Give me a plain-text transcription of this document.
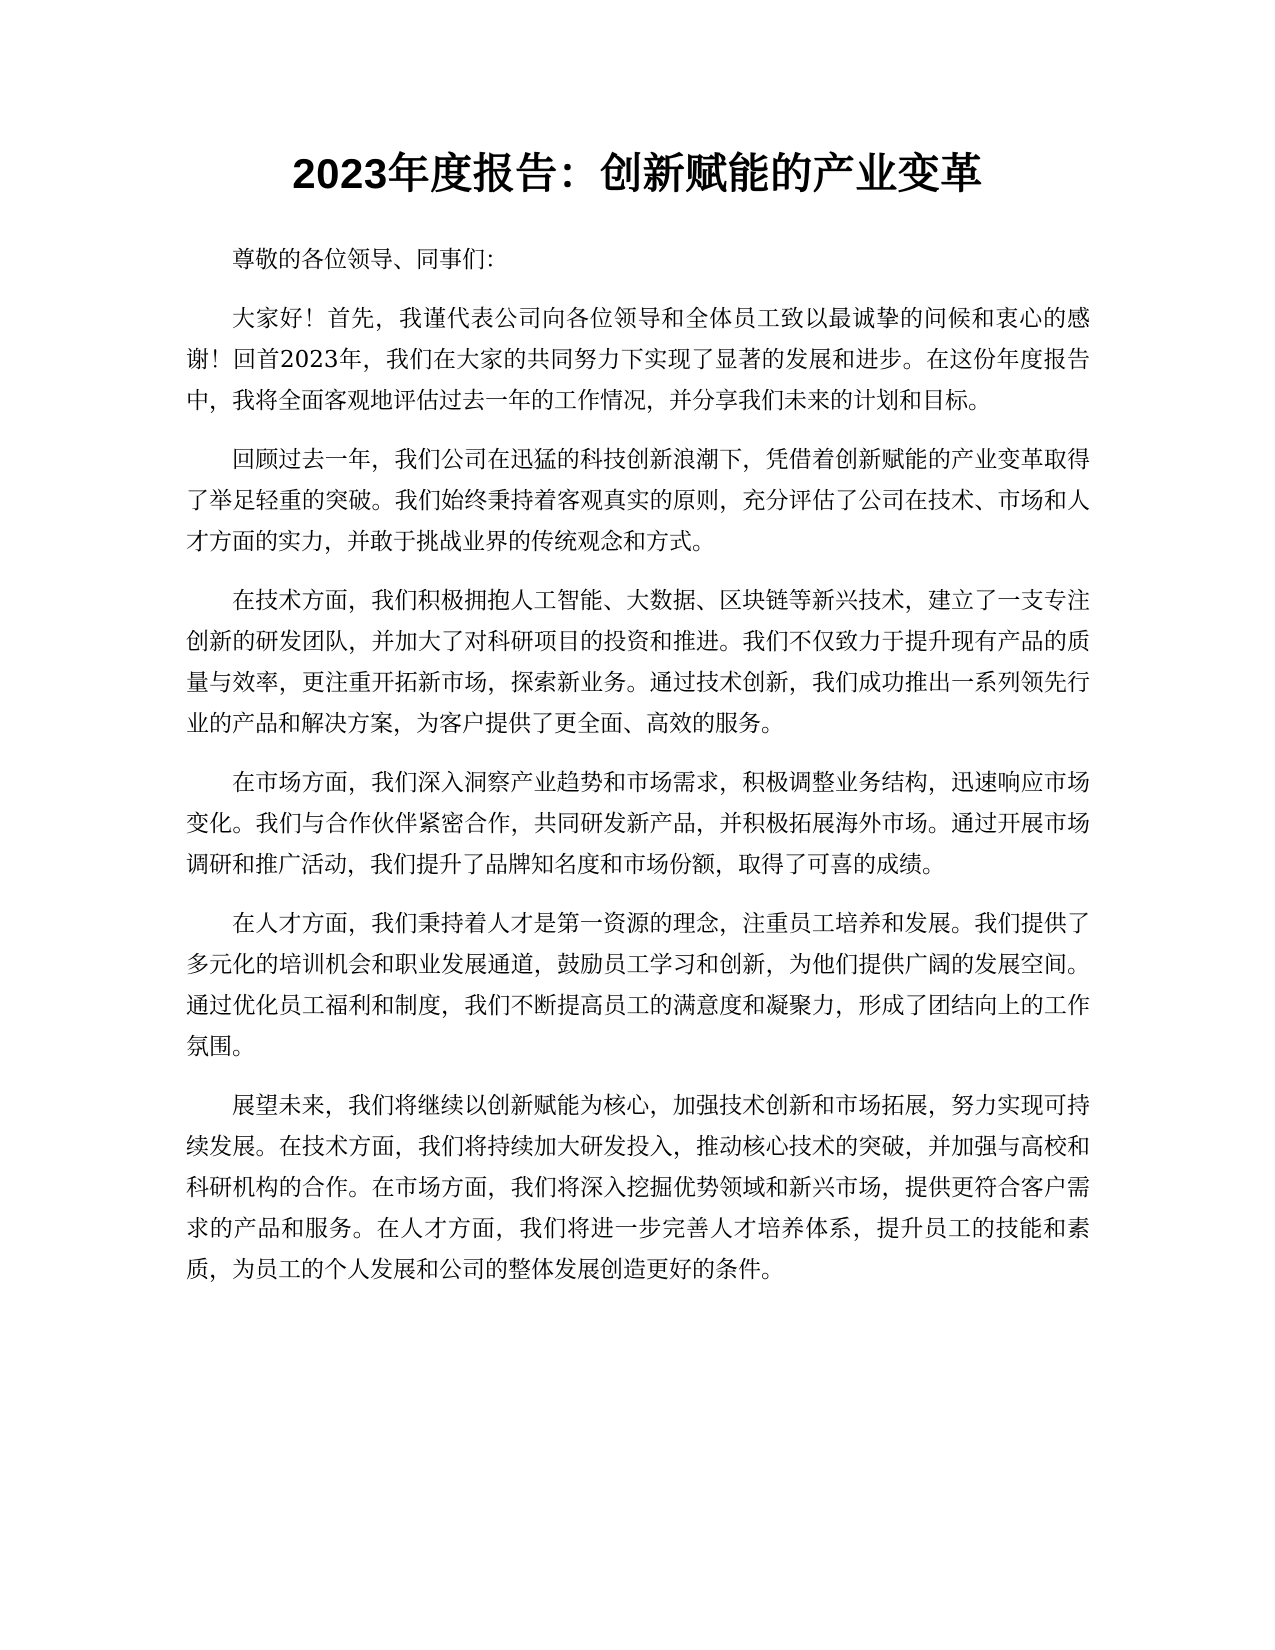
2023年度报告：创新赋能的产业变革

尊敬的各位领导、同事们：

大家好！首先，我谨代表公司向各位领导和全体员工致以最诚挚的问候和衷心的感谢！回首2023年，我们在大家的共同努力下实现了显著的发展和进步。在这份年度报告中，我将全面客观地评估过去一年的工作情况，并分享我们未来的计划和目标。

回顾过去一年，我们公司在迅猛的科技创新浪潮下，凭借着创新赋能的产业变革取得了举足轻重的突破。我们始终秉持着客观真实的原则，充分评估了公司在技术、市场和人才方面的实力，并敢于挑战业界的传统观念和方式。

在技术方面，我们积极拥抱人工智能、大数据、区块链等新兴技术，建立了一支专注创新的研发团队，并加大了对科研项目的投资和推进。我们不仅致力于提升现有产品的质量与效率，更注重开拓新市场，探索新业务。通过技术创新，我们成功推出一系列领先行业的产品和解决方案，为客户提供了更全面、高效的服务。

在市场方面，我们深入洞察产业趋势和市场需求，积极调整业务结构，迅速响应市场变化。我们与合作伙伴紧密合作，共同研发新产品，并积极拓展海外市场。通过开展市场调研和推广活动，我们提升了品牌知名度和市场份额，取得了可喜的成绩。

在人才方面，我们秉持着人才是第一资源的理念，注重员工培养和发展。我们提供了多元化的培训机会和职业发展通道，鼓励员工学习和创新，为他们提供广阔的发展空间。通过优化员工福利和制度，我们不断提高员工的满意度和凝聚力，形成了团结向上的工作氛围。

展望未来，我们将继续以创新赋能为核心，加强技术创新和市场拓展，努力实现可持续发展。在技术方面，我们将持续加大研发投入，推动核心技术的突破，并加强与高校和科研机构的合作。在市场方面，我们将深入挖掘优势领域和新兴市场，提供更符合客户需求的产品和服务。在人才方面，我们将进一步完善人才培养体系，提升员工的技能和素质，为员工的个人发展和公司的整体发展创造更好的条件。
